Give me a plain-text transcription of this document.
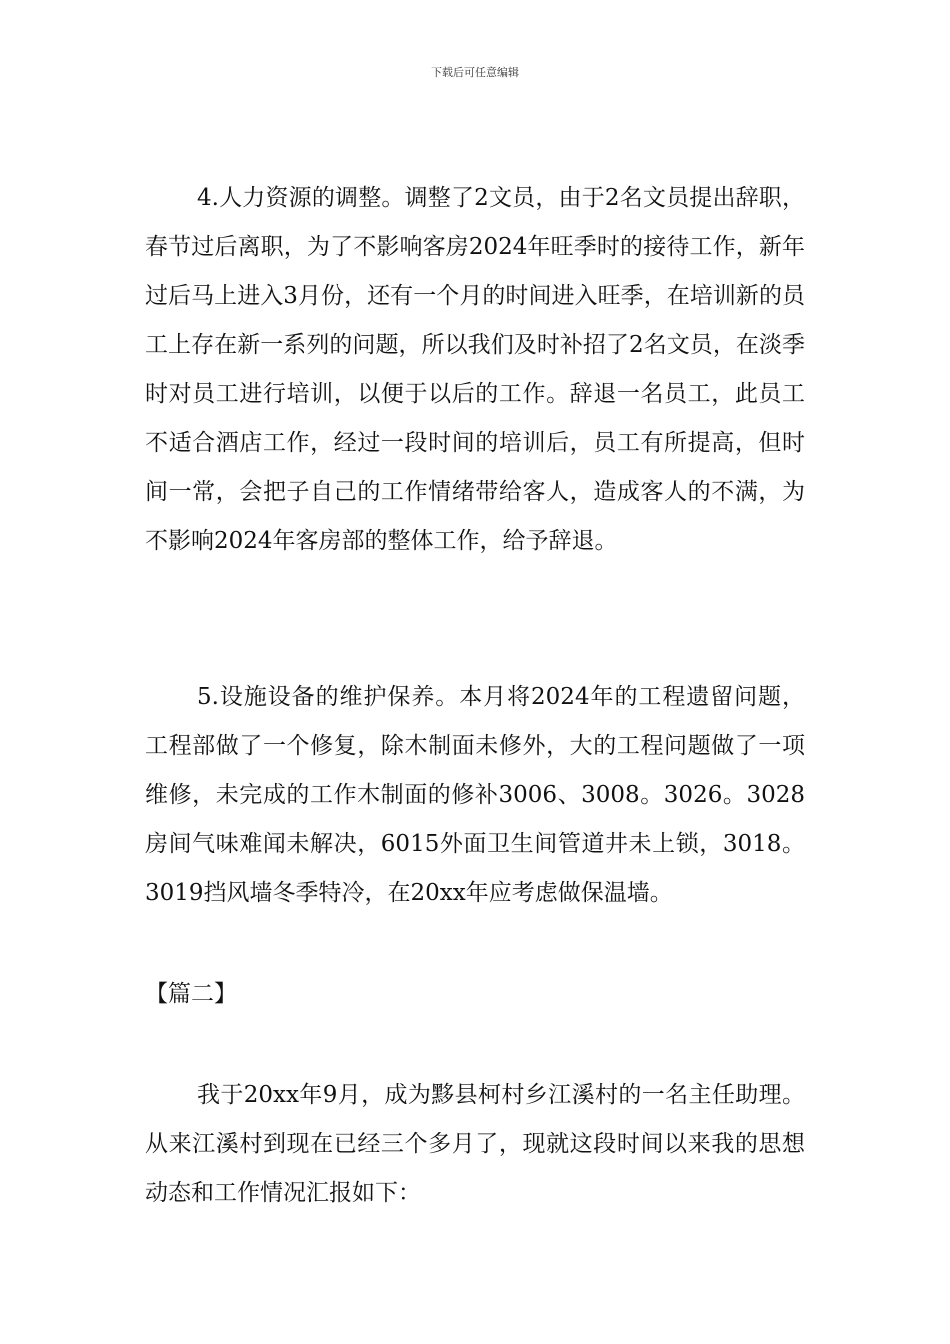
下载后可任意编辑

4.人力资源的调整。调整了2文员，由于2名文员提出辞职，春节过后离职，为了不影响客房2024年旺季时的接待工作，新年过后马上进入3月份，还有一个月的时间进入旺季，在培训新的员工上存在新一系列的问题，所以我们及时补招了2名文员，在淡季时对员工进行培训，以便于以后的工作。辞退一名员工，此员工不适合酒店工作，经过一段时间的培训后，员工有所提高，但时间一常，会把子自己的工作情绪带给客人，造成客人的不满，为不影响2024年客房部的整体工作，给予辞退。

5.设施设备的维护保养。本月将2024年的工程遗留问题，工程部做了一个修复，除木制面未修外，大的工程问题做了一项维修，未完成的工作木制面的修补3006、3008。3026。3028房间气味难闻未解决，6015外面卫生间管道井未上锁，3018。3019挡风墙冬季特冷，在20xx年应考虑做保温墙。

【篇二】

我于20xx年9月，成为黟县柯村乡江溪村的一名主任助理。从来江溪村到现在已经三个多月了，现就这段时间以来我的思想动态和工作情况汇报如下：
